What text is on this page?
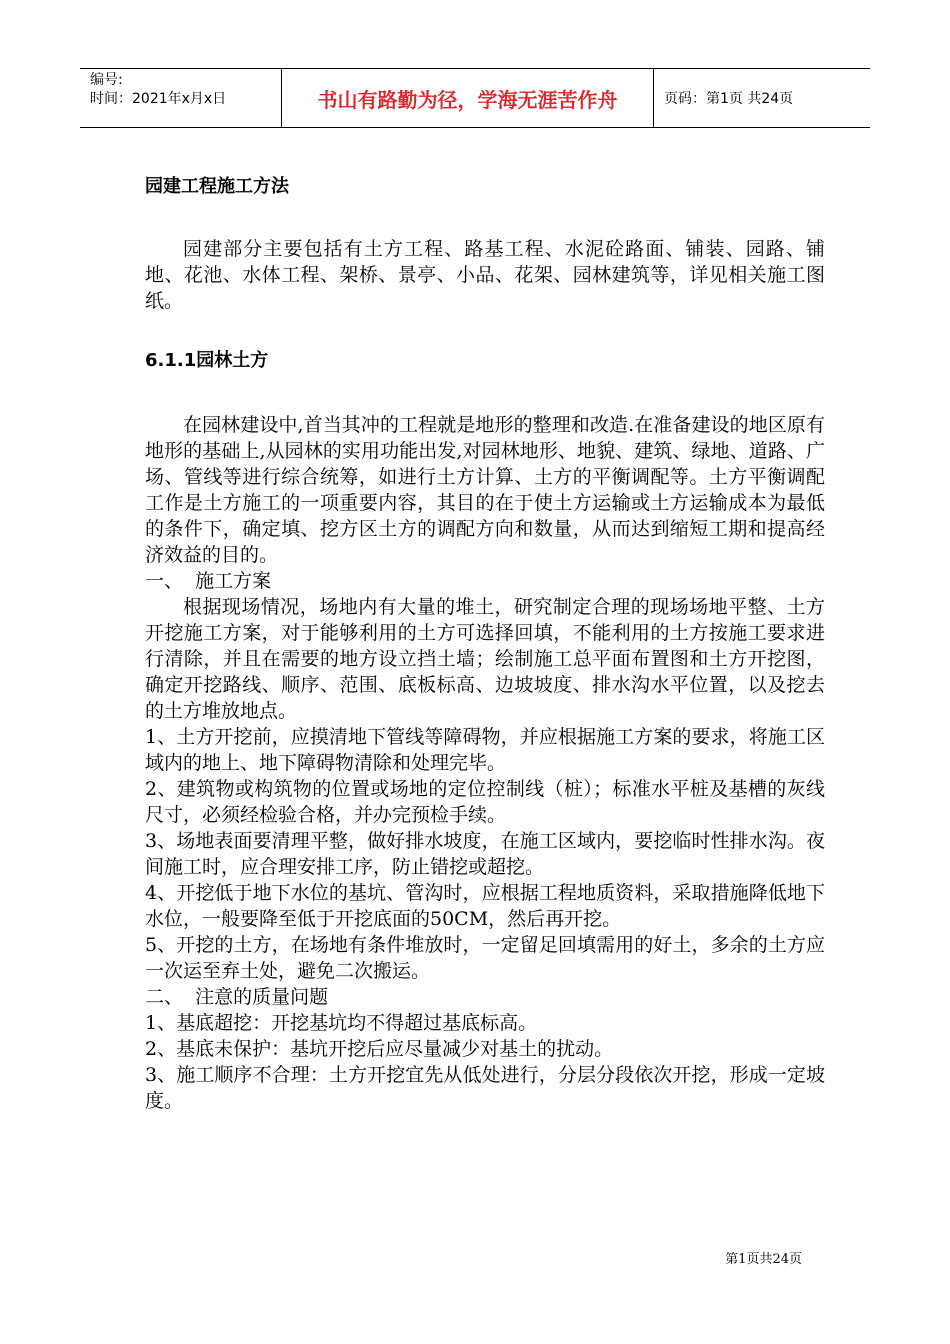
编号:
时间：2021年x月x日	书山有路勤为径，学海无涯苦作舟	页码：第1页 共24页
园建工程施工方法

园建部分主要包括有土方工程、路基工程、水泥砼路面、铺装、园路、铺地、花池、水体工程、架桥、景亭、小品、花架、园林建筑等，详见相关施工图纸。

6.1.1园林土方

在园林建设中,首当其冲的工程就是地形的整理和改造.在准备建设的地区原有地形的基础上,从园林的实用功能出发,对园林地形、地貌、建筑、绿地、道路、广场、管线等进行综合统筹，如进行土方计算、土方的平衡调配等。土方平衡调配工作是土方施工的一项重要内容，其目的在于使土方运输或土方运输成本为最低的条件下，确定填、挖方区土方的调配方向和数量，从而达到缩短工期和提高经济效益的目的。

一、  施工方案

根据现场情况，场地内有大量的堆土，研究制定合理的现场场地平整、土方开挖施工方案，对于能够利用的土方可选择回填，不能利用的土方按施工要求进行清除，并且在需要的地方设立挡土墙；绘制施工总平面布置图和土方开挖图，确定开挖路线、顺序、范围、底板标高、边坡坡度、排水沟水平位置，以及挖去的土方堆放地点。

1、土方开挖前，应摸清地下管线等障碍物，并应根据施工方案的要求，将施工区域内的地上、地下障碍物清除和处理完毕。

2、建筑物或构筑物的位置或场地的定位控制线（桩）；标准水平桩及基槽的灰线尺寸，必须经检验合格，并办完预检手续。

3、场地表面要清理平整，做好排水坡度，在施工区域内，要挖临时性排水沟。夜间施工时，应合理安排工序，防止错挖或超挖。

4、开挖低于地下水位的基坑、管沟时，应根据工程地质资料，采取措施降低地下水位，一般要降至低于开挖底面的50CM，然后再开挖。

5、开挖的土方，在场地有条件堆放时，一定留足回填需用的好土，多余的土方应一次运至弃土处，避免二次搬运。

二、  注意的质量问题

1、基底超挖：开挖基坑均不得超过基底标高。

2、基底未保护：基坑开挖后应尽量减少对基土的扰动。

3、施工顺序不合理：土方开挖宜先从低处进行，分层分段依次开挖，形成一定坡度。

第1页共24页
